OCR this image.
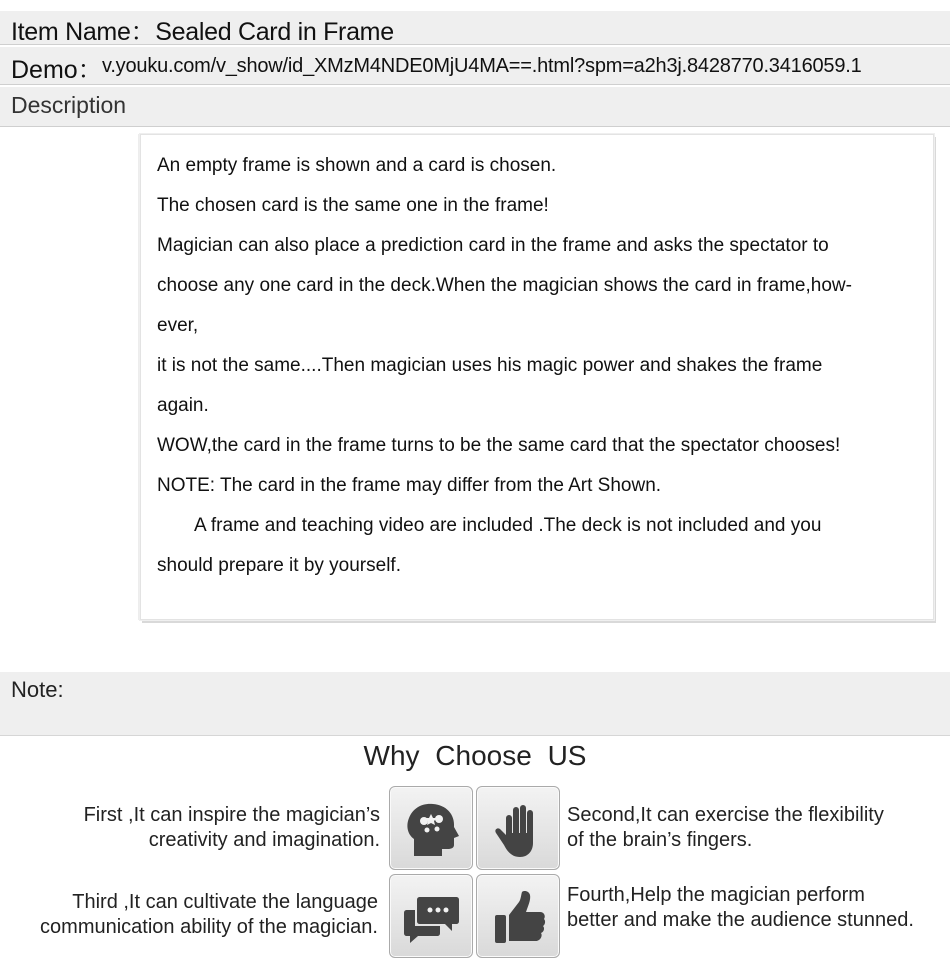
Item Name：Sealed Card in Frame
Demo： v.youku.com/v_show/id_XMzM4NDE0MjU4MA==.html?spm=a2h3j.8428770.3416059.1
Description
An empty frame is shown and a card is chosen.
The chosen card is the same one in the frame!
Magician can also place a prediction card in the frame and asks the spectator to
choose any one card in the deck.When the magician shows the card in frame,how-
ever,
it is not the same....Then magician uses his magic power and shakes the frame
again.
WOW,the card in the frame turns to be the same card that the spectator chooses!
NOTE: The card in the frame may differ from the Art Shown.
A frame and teaching video are included .The deck is not included and you
should prepare it by yourself.
Note:
Why Choose US
First ,It can inspire the magician’s
creativity and imagination.
Second,It can exercise the flexibility
of the brain’s fingers.
Third ,It can cultivate the language
communication ability of the magician.
Fourth,Help the magician perform
better and make the audience stunned.
